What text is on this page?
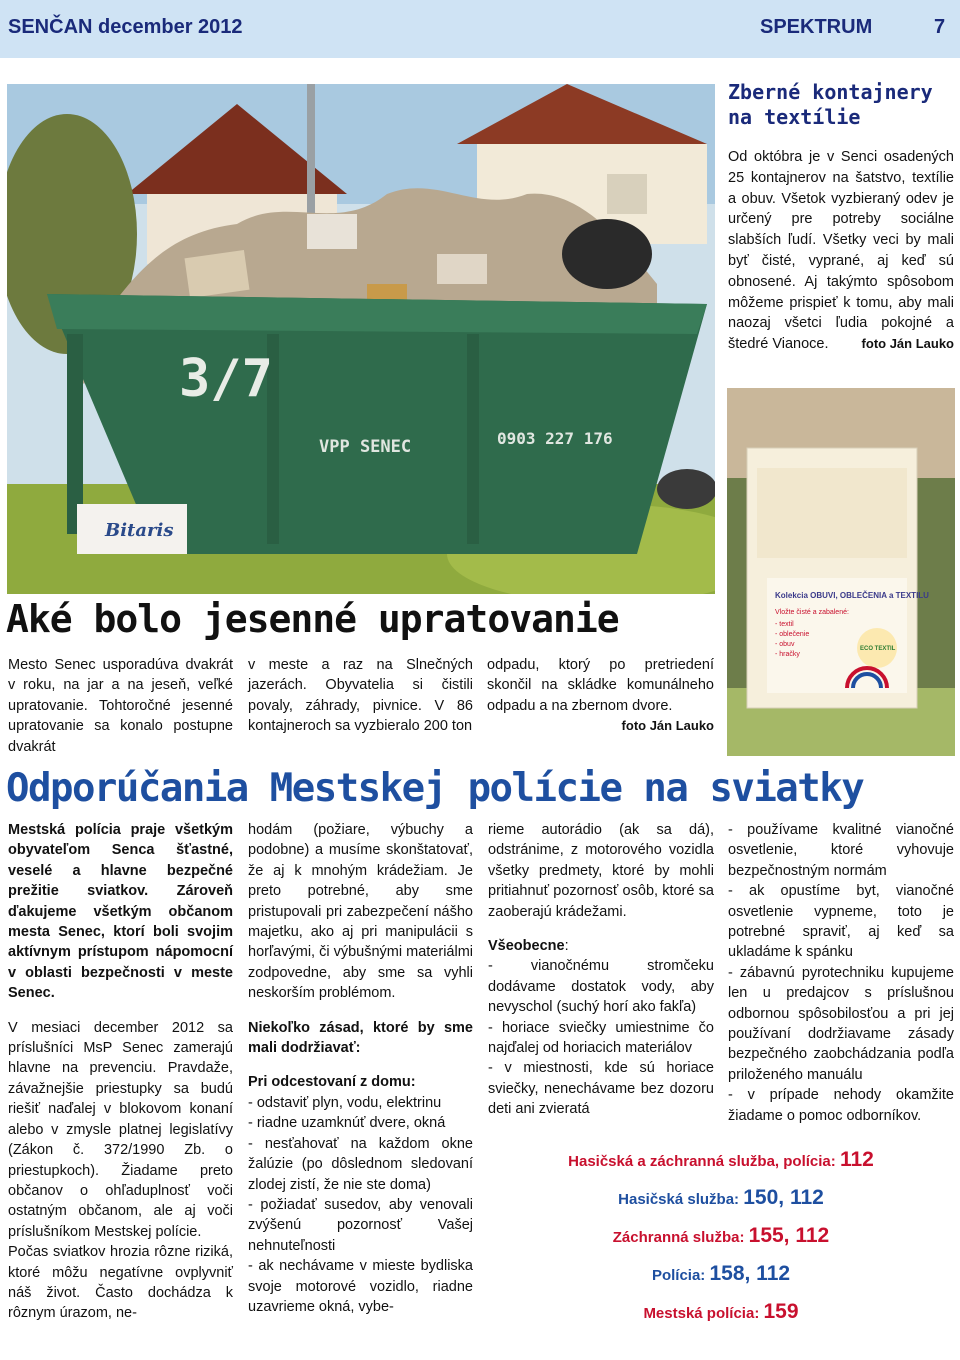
SENČAN december 2012	SPEKTRUM	7
3/7
VPP SENEC	0903 227 176
Bitaris
Kolekcia OBUVI, OBLEČENIA a TEXTILU
Vložte čisté a zabalené:
- textil
- oblečenie
- obuv
- hračky
ECO TEXTIL
Zberné kontajnery na textílie
Od októbra je v Senci osadených 25 kontajnerov na šatstvo, textílie a obuv. Všetok vyzbieraný odev je určený pre potreby sociálne slabších ľudí. Všetky veci by mali byť čisté, vyprané, aj keď sú obnosené. Aj takýmto spôsobom môžeme prispieť k tomu, aby mali naozaj všetci ľudia pokojné a štedré Vianoce.	foto Ján Lauko
Aké bolo jesenné upratovanie
Mesto Senec usporadúva dvakrát v roku, na jar a na jeseň, veľké upratovanie. Tohtoročné jesenné upratovanie sa konalo postupne dvakrát
v meste a raz na Slnečných jazerách. Obyvatelia si čistili povaly, záhrady, pivnice. V 86 kontajneroch sa vyzbieralo 200 ton
odpadu, ktorý po pretriedení skončil na skládke komunálneho odpadu a na zbernom dvore.
foto Ján Lauko
Odporúčania Mestskej polície na sviatky
Mestská polícia praje všetkým obyvateľom Senca šťastné, veselé a hlavne bezpečné prežitie sviatkov. Zároveň ďakujeme všetkým občanom mesta Senec, ktorí boli svojim aktívnym prístupom nápomocní v oblasti bezpečnosti v meste Senec.
V mesiaci december 2012 sa príslušníci MsP Senec zamerajú hlavne na prevenciu. Pravdaže, závažnejšie priestupky sa budú riešiť naďalej v blokovom konaní alebo v zmysle platnej legislatívy (Zákon č. 372/1990 Zb. o priestupkoch). Žiadame preto občanov o ohľaduplnosť voči ostatným občanom, ale aj voči príslušníkom Mestskej polície.
Počas sviatkov hrozia rôzne riziká, ktoré môžu negatívne ovplyvniť náš život. Často dochádza k rôznym úrazom, ne-
hodám (požiare, výbuchy a podobne) a musíme skonštatovať, že aj k mnohým krádežiam. Je preto potrebné, aby sme pristupovali pri zabezpečení nášho majetku, ako aj pri manipulácii s horľavými, či výbušnými materiálmi zodpovedne, aby sme sa vyhli neskorším problémom.
Niekoľko zásad, ktoré by sme mali dodržiavať:
Pri odcestovaní z domu:
- odstaviť plyn, vodu, elektrinu
- riadne uzamknúť dvere, okná
- nesťahovať na každom okne žalúzie (po dôslednom sledovaní zlodej zistí, že nie ste doma)
- požiadať susedov, aby venovali zvýšenú pozornosť Vašej nehnuteľnosti
- ak nechávame v mieste bydliska svoje motorové vozidlo, riadne uzavrieme okná, vybe-
rieme autorádio (ak sa dá), odstránime, z motorového vozidla všetky predmety, ktoré by mohli pritiahnuť pozornosť osôb, ktoré sa zaoberajú krádežami.
Všeobecne:
- vianočnému stromčeku dodávame dostatok vody, aby nevyschol (suchý horí ako fakľa)
- horiace sviečky umiestnime čo najďalej od horiacich materiálov
- v miestnosti, kde sú horiace sviečky, nenechávame bez dozoru deti ani zvieratá
- používame kvalitné vianočné osvetlenie, ktoré vyhovuje bezpečnostným normám
- ak opustíme byt, vianočné osvetlenie vypneme, toto je potrebné spraviť, aj keď sa ukladáme k spánku
- zábavnú pyrotechniku kupujeme len u predajcov s príslušnou odbornou spôsobilosťou a pri jej používaní dodržiavame zásady bezpečného zaobchádzania podľa priloženého manuálu
- v prípade nehody okamžite žiadame o pomoc odborníkov.
Hasičská a záchranná služba, polícia: 112
Hasičská služba: 150, 112
Záchranná služba: 155, 112
Polícia: 158, 112
Mestská polícia: 159
